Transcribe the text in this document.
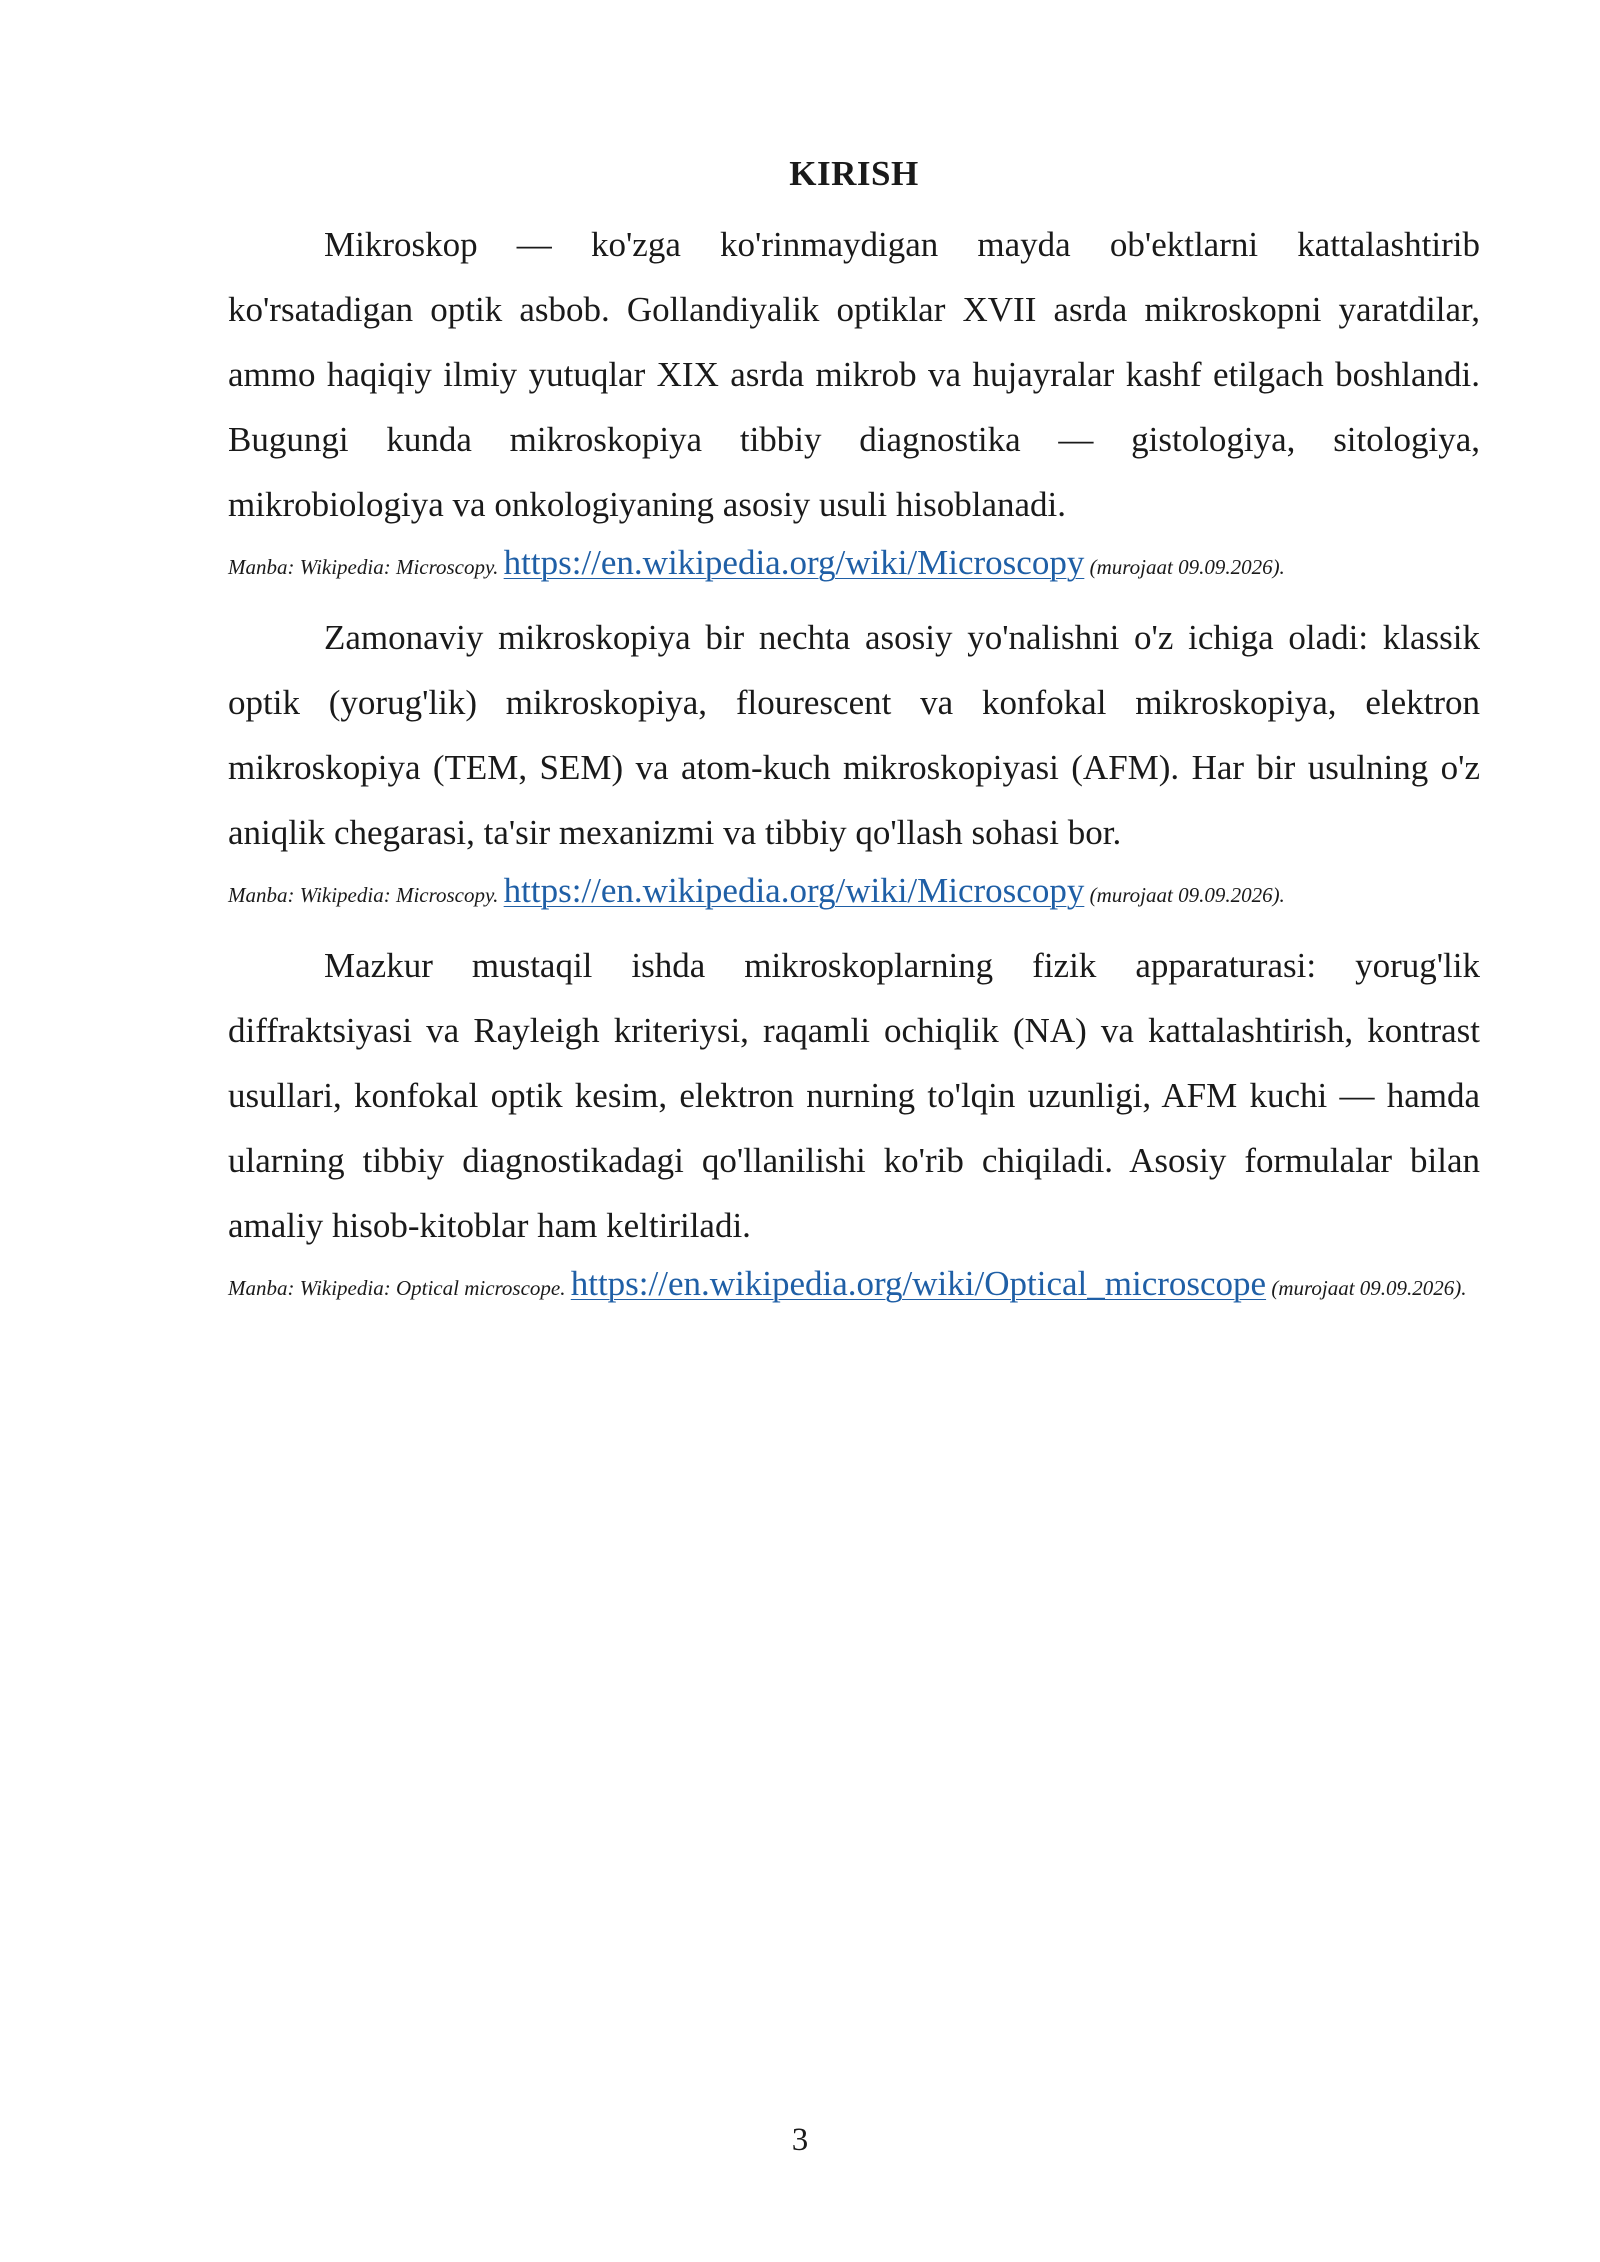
KIRISH

Mikroskop — ko'zga ko'rinmaydigan mayda ob'ektlarni kattalashtirib ko'rsatadigan optik asbob. Gollandiyalik optiklar XVII asrda mikroskopni yaratdilar, ammo haqiqiy ilmiy yutuqlar XIX asrda mikrob va hujayralar kashf etilgach boshlandi. Bugungi kunda mikroskopiya tibbiy diagnostika — gistologiya, sitologiya, mikrobiologiya va onkologiyaning asosiy usuli hisoblanadi.

Manba: Wikipedia: Microscopy. https://en.wikipedia.org/wiki/Microscopy (murojaat 09.09.2026).

Zamonaviy mikroskopiya bir nechta asosiy yo'nalishni o'z ichiga oladi: klassik optik (yorug'lik) mikroskopiya, flourescent va konfokal mikroskopiya, elektron mikroskopiya (TEM, SEM) va atom-kuch mikroskopiyasi (AFM). Har bir usulning o'z aniqlik chegarasi, ta'sir mexanizmi va tibbiy qo'llash sohasi bor.

Manba: Wikipedia: Microscopy. https://en.wikipedia.org/wiki/Microscopy (murojaat 09.09.2026).

Mazkur mustaqil ishda mikroskoplarning fizik apparaturasi: yorug'lik diffraktsiyasi va Rayleigh kriteriysi, raqamli ochiqlik (NA) va kattalashtirish, kontrast usullari, konfokal optik kesim, elektron nurning to'lqin uzunligi, AFM kuchi — hamda ularning tibbiy diagnostikadagi qo'llanilishi ko'rib chiqiladi. Asosiy formulalar bilan amaliy hisob-kitoblar ham keltiriladi.

Manba: Wikipedia: Optical microscope. https://en.wikipedia.org/wiki/Optical_microscope (murojaat 09.09.2026).
3
